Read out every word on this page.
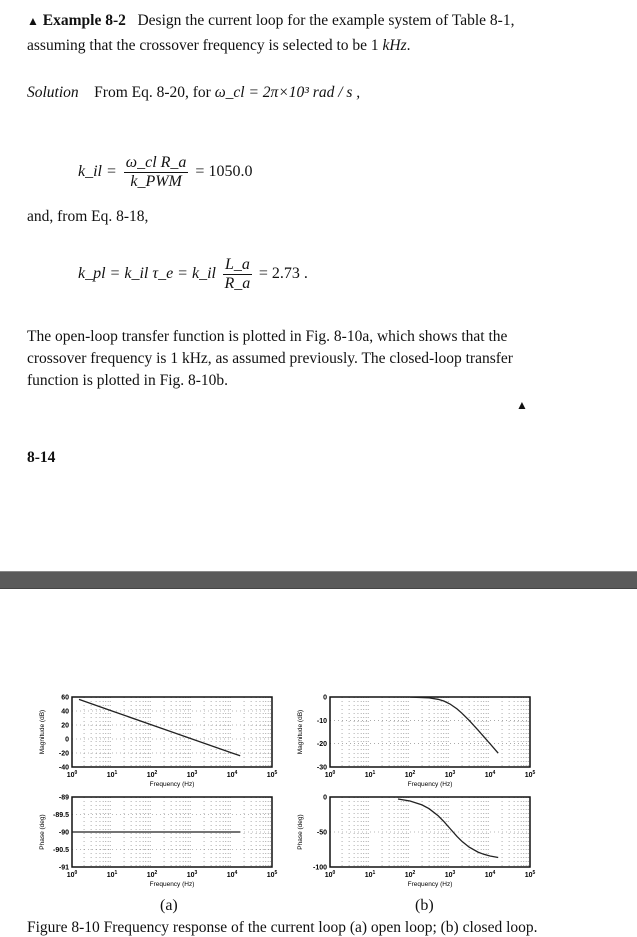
▲ Example 8-2 Design the current loop for the example system of Table 8-1,
assuming that the crossover frequency is selected to be 1 kHz.
Solution From Eq. 8-20, for ω_cl = 2π×10³ rad / s ,
k_il = $\frac{\text{ω\_cl R\_a}}{\text{k\_PWM}} = 1050.0$
and, from Eq. 8-18,
k_pl = k_il τ_e = k_il $\frac{L\_a}{R\_a} = 2.73$ .
The open-loop transfer function is plotted in Fig. 8-10a, which shows that the
crossover frequency is 1 kHz, as assumed previously. The closed-loop transfer
function is plotted in Fig. 8-10b.
▲
8-14
$10^0$	$10^1$	$10^2$	$10^3$	$10^4$	$10^5$
60
40
20
0
-20
-40
Frequency (Hz)
Magnitude (dB)
$10^0$	$10^1$	$10^2$	$10^3$	$10^4$	$10^5$
-89
-89.5
-90
-90.5
-91
Frequency (Hz)
Phase (deg)
$10^0$	$10^1$	$10^2$	$10^3$	$10^4$	$10^5$
0
-10
-20
-30
Frequency (Hz)
Magnitude (dB)
$10^0$	$10^1$	$10^2$	$10^3$	$10^4$	$10^5$
0
-50
-100
Frequency (Hz)
Phase (deg)
(a)	(b)
Figure 8-10 Frequency response of the current loop (a) open loop; (b) closed loop.
